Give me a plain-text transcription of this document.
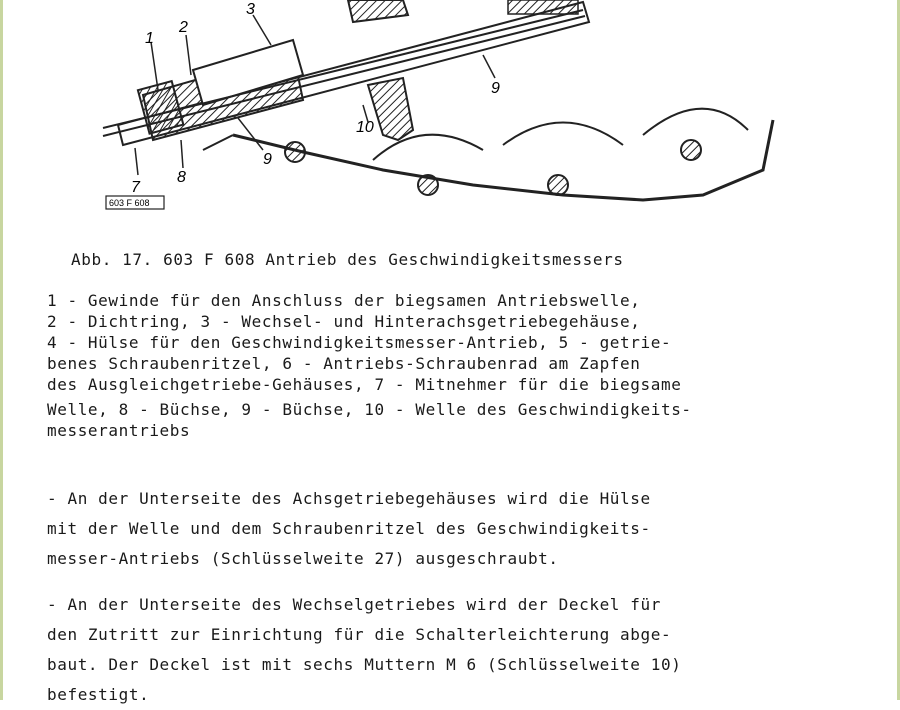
1
2
3
7
8
9
10
9
603 F 608
Abb. 17. 603 F 608 Antrieb des Geschwindigkeitsmessers
1 - Gewinde für den Anschluss der biegsamen Antriebswelle,
2 - Dichtring, 3 - Wechsel- und Hinterachsgetriebegehäuse,
4 - Hülse für den Geschwindigkeitsmesser-Antrieb, 5 - getrie-
benes Schraubenritzel, 6 - Antriebs-Schraubenrad am Zapfen
des Ausgleichgetriebe-Gehäuses, 7 - Mitnehmer für die biegsame
Welle, 8 - Büchse, 9 - Büchse, 10 - Welle des Geschwindigkeits-
messerantriebs
- An der Unterseite des Achsgetriebegehäuses wird die Hülse
mit der Welle und dem Schraubenritzel des Geschwindigkeits-
messer-Antriebs (Schlüsselweite 27) ausgeschraubt.
- An der Unterseite des Wechselgetriebes wird der Deckel für
den Zutritt zur Einrichtung für die Schalterleichterung abge-
baut. Der Deckel ist mit sechs Muttern M 6 (Schlüsselweite 10)
befestigt.
